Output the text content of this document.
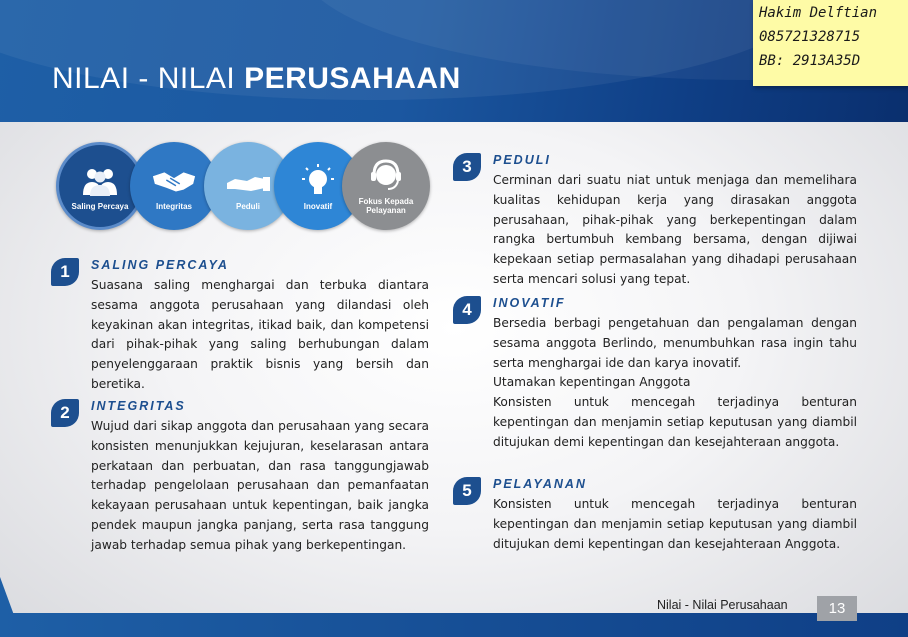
NILAI - NILAI PERUSAHAAN
Hakim Delftian
085721328715
BB: 2913A35D
Saling Percaya	Integritas	Peduli	Inovatif	Fokus Kepada Pelayanan
1	SALING PERCAYA

Suasana saling menghargai dan terbuka diantara sesama anggota perusahaan yang dilandasi oleh keyakinan akan integritas, itikad baik, dan kompetensi dari pihak-pihak yang saling berhubungan dalam penyelenggaraan praktik bisnis yang bersih dan beretika.

2	INTEGRITAS

Wujud dari sikap anggota dan perusahaan yang secara konsisten menunjukkan kejujuran, keselarasan antara perkataan dan perbuatan, dan rasa tanggungjawab terhadap pengelolaan perusahaan dan pemanfaatan kekayaan perusahaan untuk kepentingan, baik jangka pendek maupun jangka panjang, serta rasa tanggung jawab terhadap semua pihak yang berkepentingan.

3	PEDULI

Cerminan dari suatu niat untuk menjaga dan memelihara kualitas kehidupan kerja yang dirasakan anggota perusahaan, pihak-pihak yang berkepentingan dalam rangka bertumbuh kembang bersama, dengan dijiwai kepekaan setiap permasalahan yang dihadapi perusahaan serta mencari solusi yang tepat.

4	INOVATIF

Bersedia berbagi pengetahuan dan pengalaman dengan sesama anggota Berlindo, menumbuhkan rasa ingin tahu serta menghargai ide dan karya inovatif.

Utamakan kepentingan Anggota

Konsisten untuk mencegah terjadinya benturan kepentingan dan menjamin setiap keputusan yang diambil ditujukan demi kepentingan dan kesejahteraan anggota.

5	PELAYANAN

Konsisten untuk mencegah terjadinya benturan kepentingan dan menjamin setiap keputusan yang diambil ditujukan demi kepentingan dan kesejahteraan Anggota.

Nilai - Nilai Perusahaan	13
